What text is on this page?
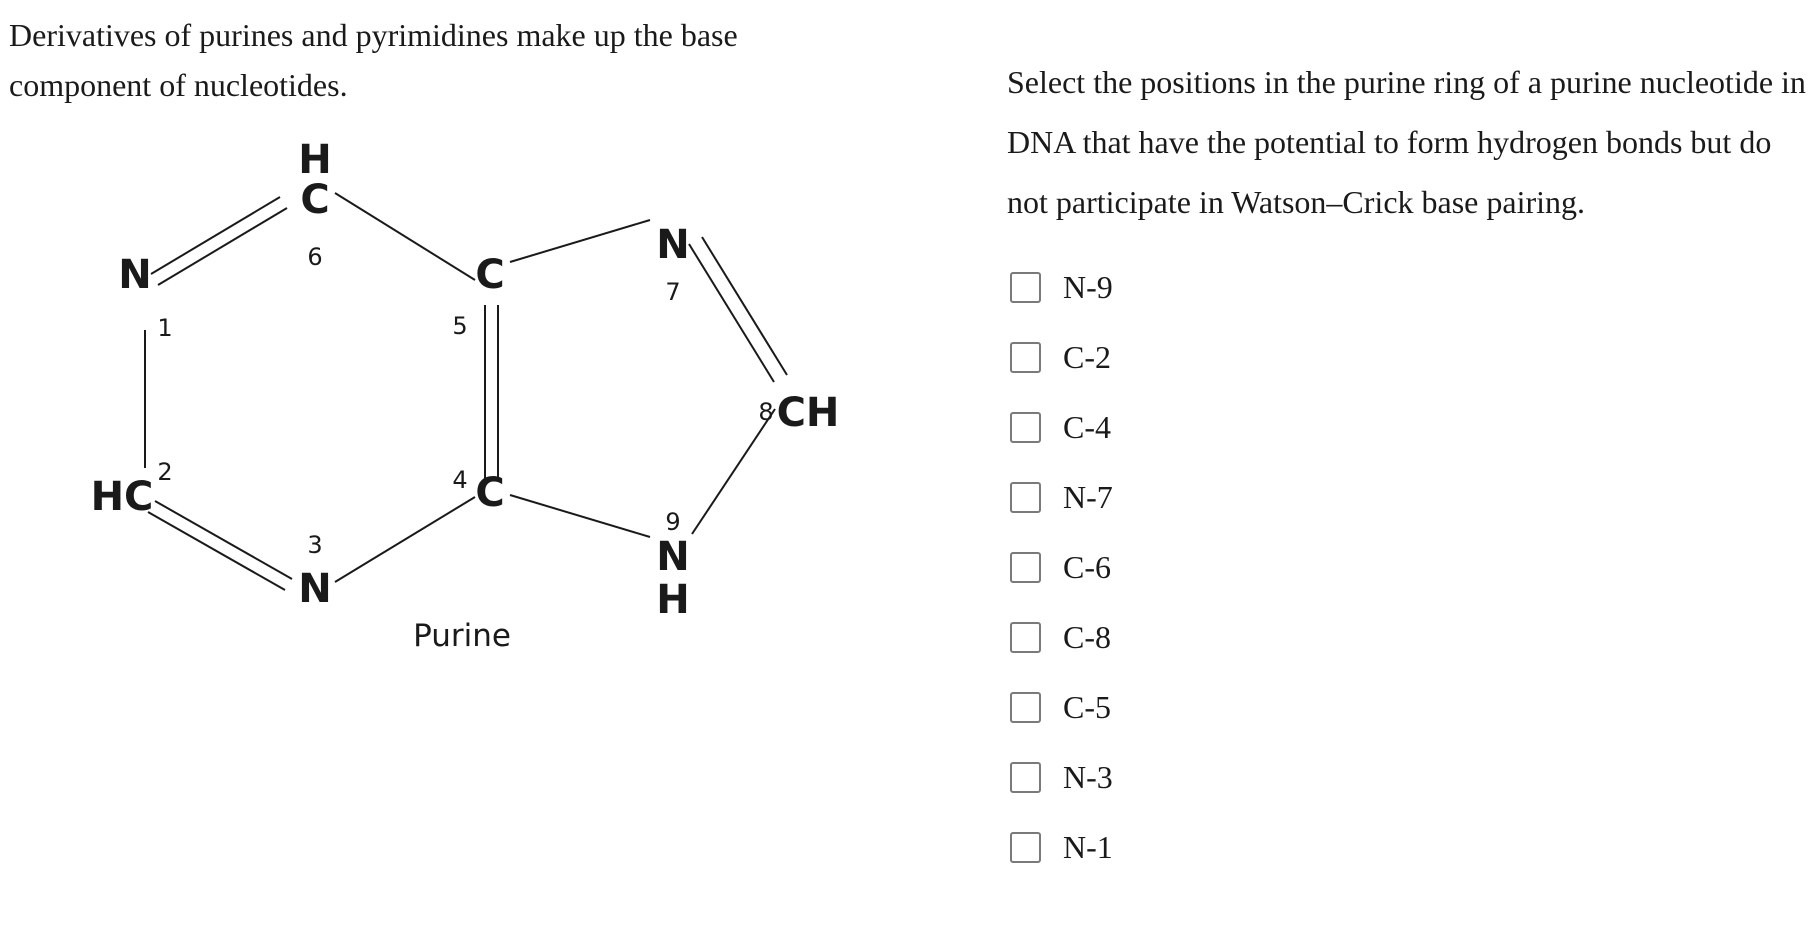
Derivatives of purines and pyrimidines make up the base component of nucleotides.
H
C
N	C
N
CH
HC	C
N
N
H
1
2
3
4
5
6
7
8
9
Purine
Select the positions in the purine ring of a purine nucleotide in DNA that have the potential to form hydrogen bonds but do not participate in Watson–Crick base pairing.
N-9
C-2
C-4
N-7
C-6
C-8
C-5
N-3
N-1
